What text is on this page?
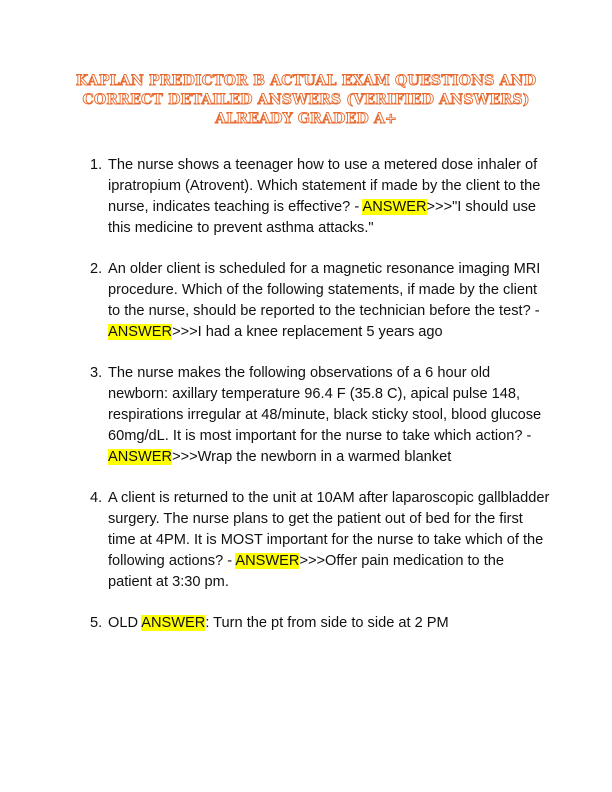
KAPLAN PREDICTOR B ACTUAL EXAM QUESTIONS AND
CORRECT DETAILED ANSWERS (VERIFIED ANSWERS)
ALREADY GRADED A+
1. The nurse shows a teenager how to use a metered dose inhaler of ipratropium (Atrovent). Which statement if made by the client to the nurse, indicates teaching is effective? - ANSWER>>>"I should use this medicine to prevent asthma attacks."
2. An older client is scheduled for a magnetic resonance imaging MRI procedure. Which of the following statements, if made by the client to the nurse, should be reported to the technician before the test? - ANSWER>>>I had a knee replacement 5 years ago
3. The nurse makes the following observations of a 6 hour old newborn: axillary temperature 96.4 F (35.8 C), apical pulse 148, respirations irregular at 48/minute, black sticky stool, blood glucose 60mg/dL. It is most important for the nurse to take which action? - ANSWER>>>Wrap the newborn in a warmed blanket
4. A client is returned to the unit at 10AM after laparoscopic gallbladder surgery. The nurse plans to get the patient out of bed for the first time at 4PM. It is MOST important for the nurse to take which of the following actions? - ANSWER>>>Offer pain medication to the patient at 3:30 pm.
5. OLD ANSWER: Turn the pt from side to side at 2 PM
